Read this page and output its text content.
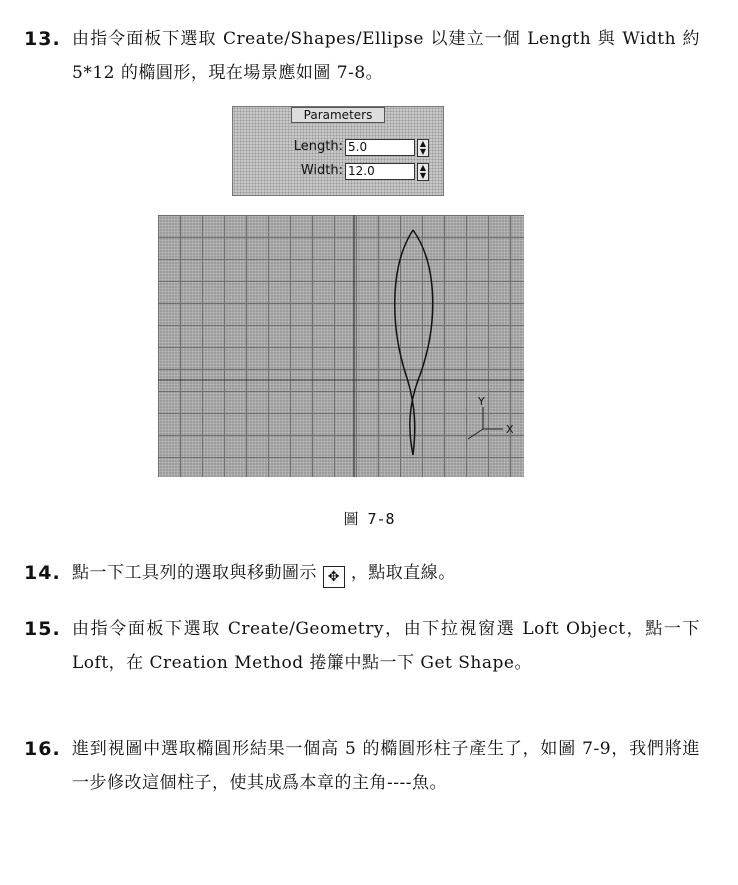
13. 由指令面板下選取 Create/Shapes/Ellipse 以建立一個 Length 與 Width 約 5*12 的橢圓形，現在場景應如圖 7-8。
Parameters
Length: 5.0	▲
▼
Width: 12.0	▲
▼
Y
X
圖 7-8
14. 點一下工具列的選取與移動圖示 ✥ ，點取直線。
15. 由指令面板下選取 Create/Geometry，由下拉視窗選 Loft Object，點一下 Loft，在 Creation Method 捲簾中點一下 Get Shape。
16. 進到視圖中選取橢圓形結果一個高 5 的橢圓形柱子產生了，如圖 7-9，我們將進一步修改這個柱子，使其成爲本章的主角----魚。
